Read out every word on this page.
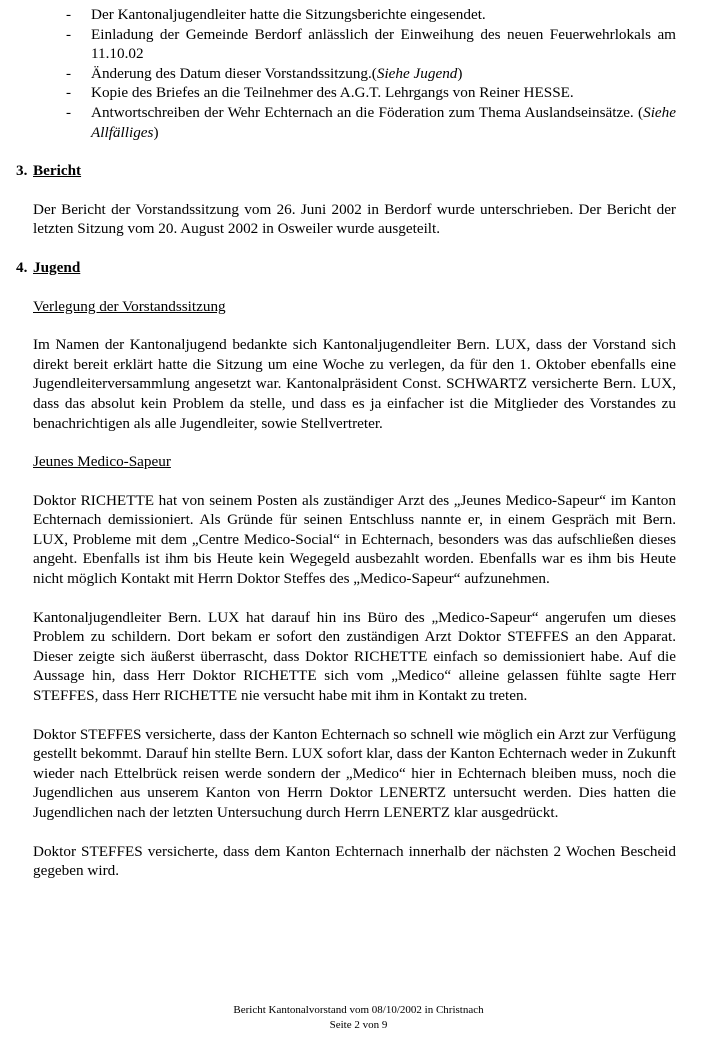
- Der Kantonaljugendleiter hatte die Sitzungsberichte eingesendet.
- Einladung der Gemeinde Berdorf anlässlich der Einweihung des neuen Feuerwehrlokals am 11.10.02
- Änderung des Datum dieser Vorstandssitzung.(Siehe Jugend)
- Kopie des Briefes an die Teilnehmer des A.G.T. Lehrgangs von Reiner HESSE.
- Antwortschreiben der Wehr Echternach an die Föderation zum Thema Auslandseinsätze. (Siehe Allfälliges)
3. Bericht

Der Bericht der Vorstandssitzung vom 26. Juni 2002 in Berdorf wurde unterschrieben. Der Bericht der letzten Sitzung vom 20. August 2002 in Osweiler wurde ausgeteilt.

4. Jugend

Verlegung der Vorstandssitzung

Im Namen der Kantonaljugend bedankte sich Kantonaljugendleiter Bern. LUX, dass der Vorstand sich direkt bereit erklärt hatte die Sitzung um eine Woche zu verlegen, da für den 1. Oktober ebenfalls eine Jugendleiterversammlung angesetzt war. Kantonalpräsident Const. SCHWARTZ versicherte Bern. LUX, dass das absolut kein Problem da stelle, und dass es ja einfacher ist die Mitglieder des Vorstandes zu benachrichtigen als alle Jugendleiter, sowie Stellvertreter.

Jeunes Medico-Sapeur

Doktor RICHETTE hat von seinem Posten als zuständiger Arzt des „Jeunes Medico-Sapeur“ im Kanton Echternach demissioniert. Als Gründe für seinen Entschluss nannte er, in einem Gespräch mit Bern. LUX, Probleme mit dem „Centre Medico-Social“ in Echternach, besonders was das aufschließen dieses angeht. Ebenfalls ist ihm bis Heute kein Wegegeld ausbezahlt worden. Ebenfalls war es ihm bis Heute nicht möglich Kontakt mit Herrn Doktor Steffes des „Medico-Sapeur“ aufzunehmen.

Kantonaljugendleiter Bern. LUX hat darauf hin ins Büro des „Medico-Sapeur“ angerufen um dieses Problem zu schildern. Dort bekam er sofort den zuständigen Arzt Doktor STEFFES an den Apparat. Dieser zeigte sich äußerst überrascht, dass Doktor RICHETTE einfach so demissioniert habe. Auf die Aussage hin, dass Herr Doktor RICHETTE sich vom „Medico“ alleine gelassen fühlte sagte Herr STEFFES, dass Herr RICHETTE nie versucht habe mit ihm in Kontakt zu treten.

Doktor STEFFES versicherte, dass der Kanton Echternach so schnell wie möglich ein Arzt zur Verfügung gestellt bekommt. Darauf hin stellte Bern. LUX sofort klar, dass der Kanton Echternach weder in Zukunft wieder nach Ettelbrück reisen werde sondern der „Medico“ hier in Echternach bleiben muss, noch die Jugendlichen aus unserem Kanton von Herrn Doktor LENERTZ untersucht werden. Dies hatten die Jugendlichen nach der letzten Untersuchung durch Herrn LENERTZ klar ausgedrückt.

Doktor STEFFES versicherte, dass dem Kanton Echternach innerhalb der nächsten 2 Wochen Bescheid gegeben wird.

Bericht Kantonalvorstand vom 08/10/2002 in Christnach
Seite 2 von 9
